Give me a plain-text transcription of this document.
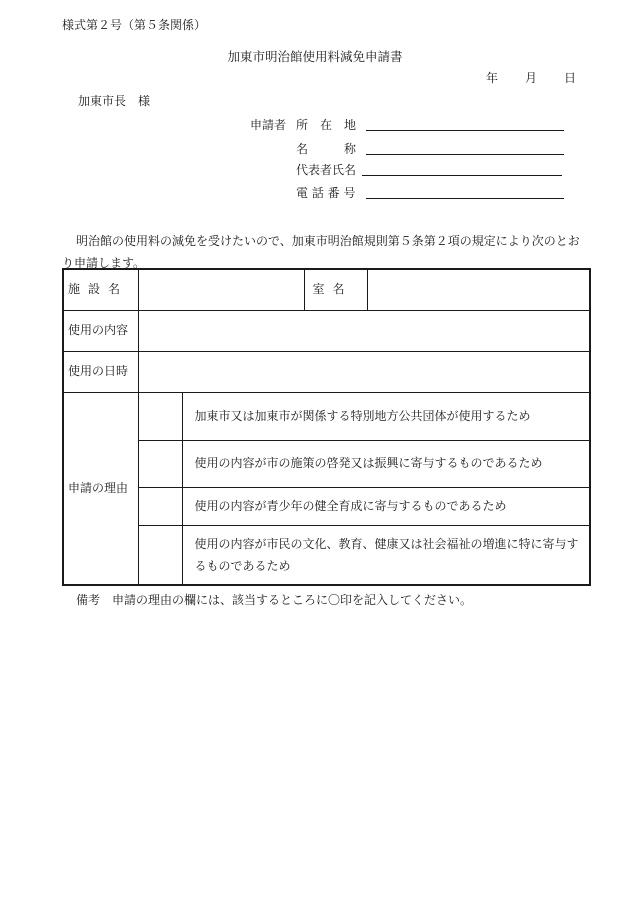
様式第２号（第５条関係）
加東市明治館使用料減免申請書
年 月 日
加東市長　様
申請者 所　在　地
名　　　称
代表者氏名
電 話 番 号
明治館の使用料の減免を受けたいので、加東市明治館規則第５条第２項の規定により次のとおり申請します。
施設名			室名	
使用の内容				
使用の日時				
申請の理由		加東市又は加東市が関係する特別地方公共団体が使用するため		
		使用の内容が市の施策の啓発又は振興に寄与するものであるため		
		使用の内容が青少年の健全育成に寄与するものであるため		
		使用の内容が市民の文化、教育、健康又は社会福祉の増進に特に寄与するものであるため		
備考　申請の理由の欄には、該当するところに〇印を記入してください。
